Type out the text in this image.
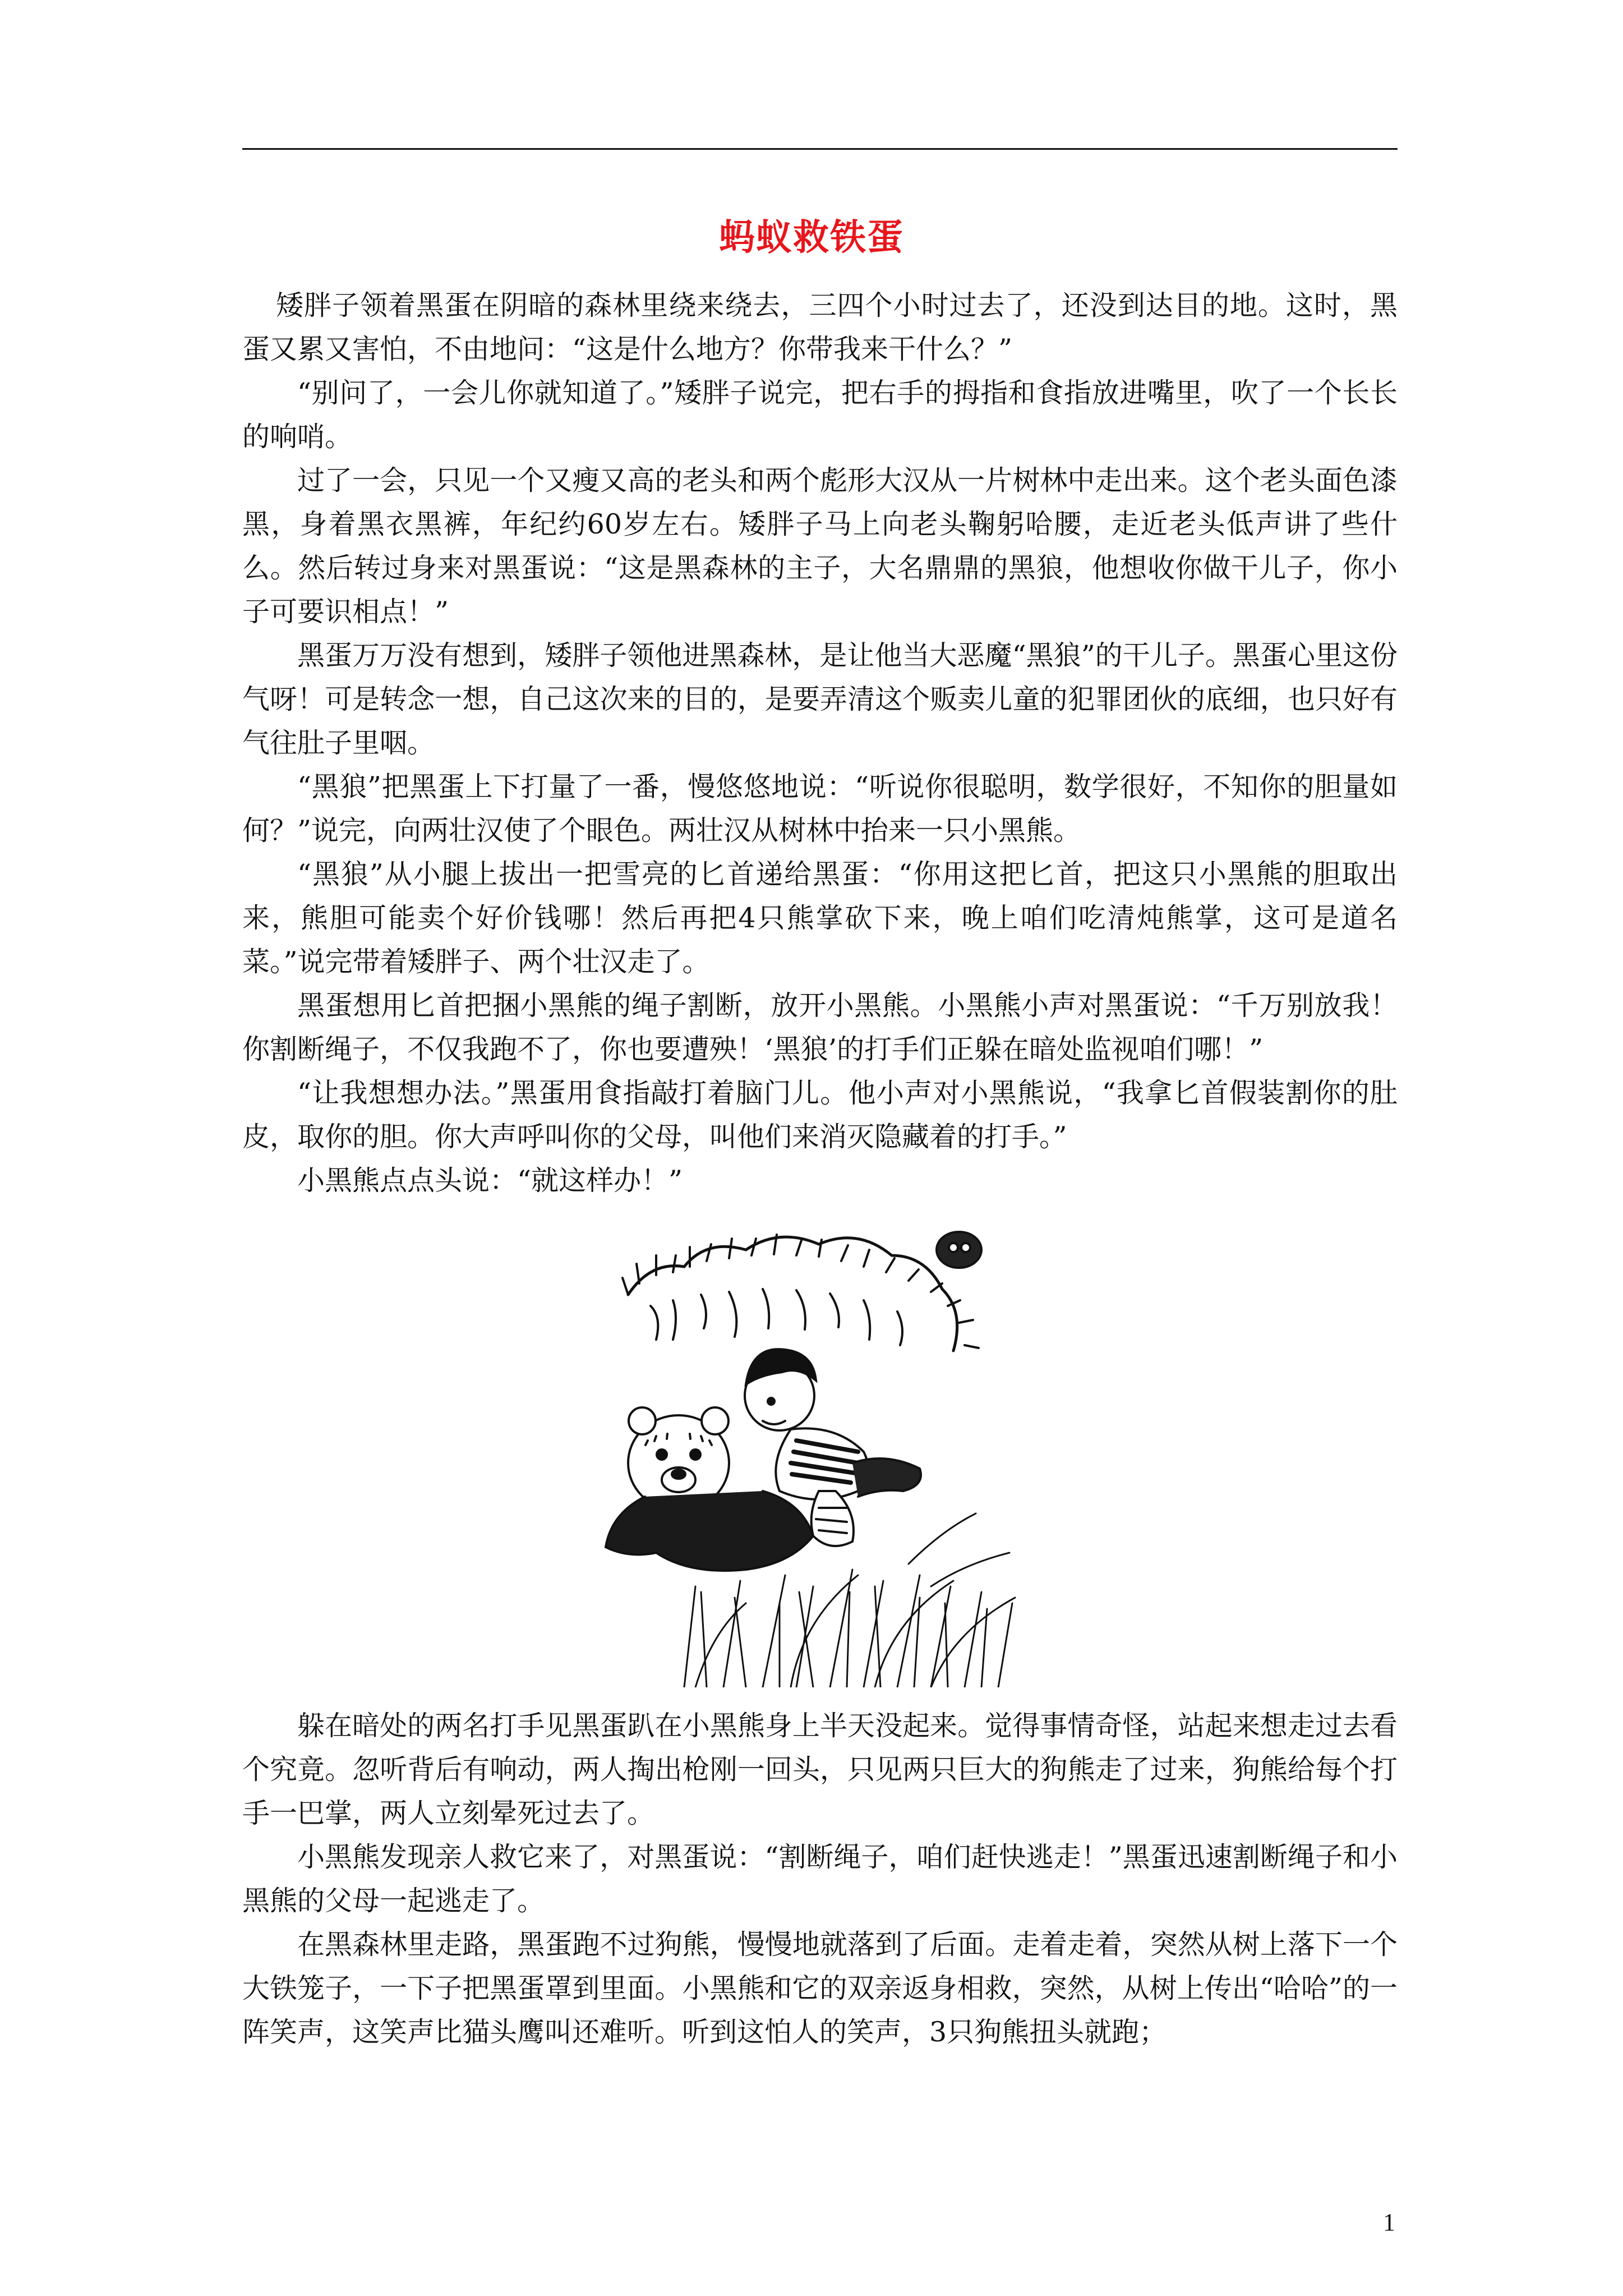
蚂蚁救铁蛋

矮胖子领着黑蛋在阴暗的森林里绕来绕去，三四个小时过去了，还没到达目的地。这时，黑蛋又累又害怕，不由地问：“这是什么地方？你带我来干什么？”

“别问了，一会儿你就知道了。”矮胖子说完，把右手的拇指和食指放进嘴里，吹了一个长长的响哨。

过了一会，只见一个又瘦又高的老头和两个彪形大汉从一片树林中走出来。这个老头面色漆黑，身着黑衣黑裤，年纪约60岁左右。矮胖子马上向老头鞠躬哈腰，走近老头低声讲了些什么。然后转过身来对黑蛋说：“这是黑森林的主子，大名鼎鼎的黑狼，他想收你做干儿子，你小子可要识相点！”

黑蛋万万没有想到，矮胖子领他进黑森林，是让他当大恶魔“黑狼”的干儿子。黑蛋心里这份气呀！可是转念一想，自己这次来的目的，是要弄清这个贩卖儿童的犯罪团伙的底细，也只好有气往肚子里咽。

“黑狼”把黑蛋上下打量了一番，慢悠悠地说：“听说你很聪明，数学很好，不知你的胆量如何？”说完，向两壮汉使了个眼色。两壮汉从树林中抬来一只小黑熊。

“黑狼”从小腿上拔出一把雪亮的匕首递给黑蛋：“你用这把匕首，把这只小黑熊的胆取出来，熊胆可能卖个好价钱哪！然后再把4只熊掌砍下来，晚上咱们吃清炖熊掌，这可是道名菜。”说完带着矮胖子、两个壮汉走了。

黑蛋想用匕首把捆小黑熊的绳子割断，放开小黑熊。小黑熊小声对黑蛋说：“千万别放我！你割断绳子，不仅我跑不了，你也要遭殃！‘黑狼’的打手们正躲在暗处监视咱们哪！”

“让我想想办法。”黑蛋用食指敲打着脑门儿。他小声对小黑熊说，“我拿匕首假装割你的肚皮，取你的胆。你大声呼叫你的父母，叫他们来消灭隐藏着的打手。”

小黑熊点点头说：“就这样办！”

躲在暗处的两名打手见黑蛋趴在小黑熊身上半天没起来。觉得事情奇怪，站起来想走过去看个究竟。忽听背后有响动，两人掏出枪刚一回头，只见两只巨大的狗熊走了过来，狗熊给每个打手一巴掌，两人立刻晕死过去了。

小黑熊发现亲人救它来了，对黑蛋说：“割断绳子，咱们赶快逃走！”黑蛋迅速割断绳子和小黑熊的父母一起逃走了。

在黑森林里走路，黑蛋跑不过狗熊，慢慢地就落到了后面。走着走着，突然从树上落下一个大铁笼子，一下子把黑蛋罩到里面。小黑熊和它的双亲返身相救，突然，从树上传出“哈哈”的一阵笑声，这笑声比猫头鹰叫还难听。听到这怕人的笑声，3只狗熊扭头就跑；

1
